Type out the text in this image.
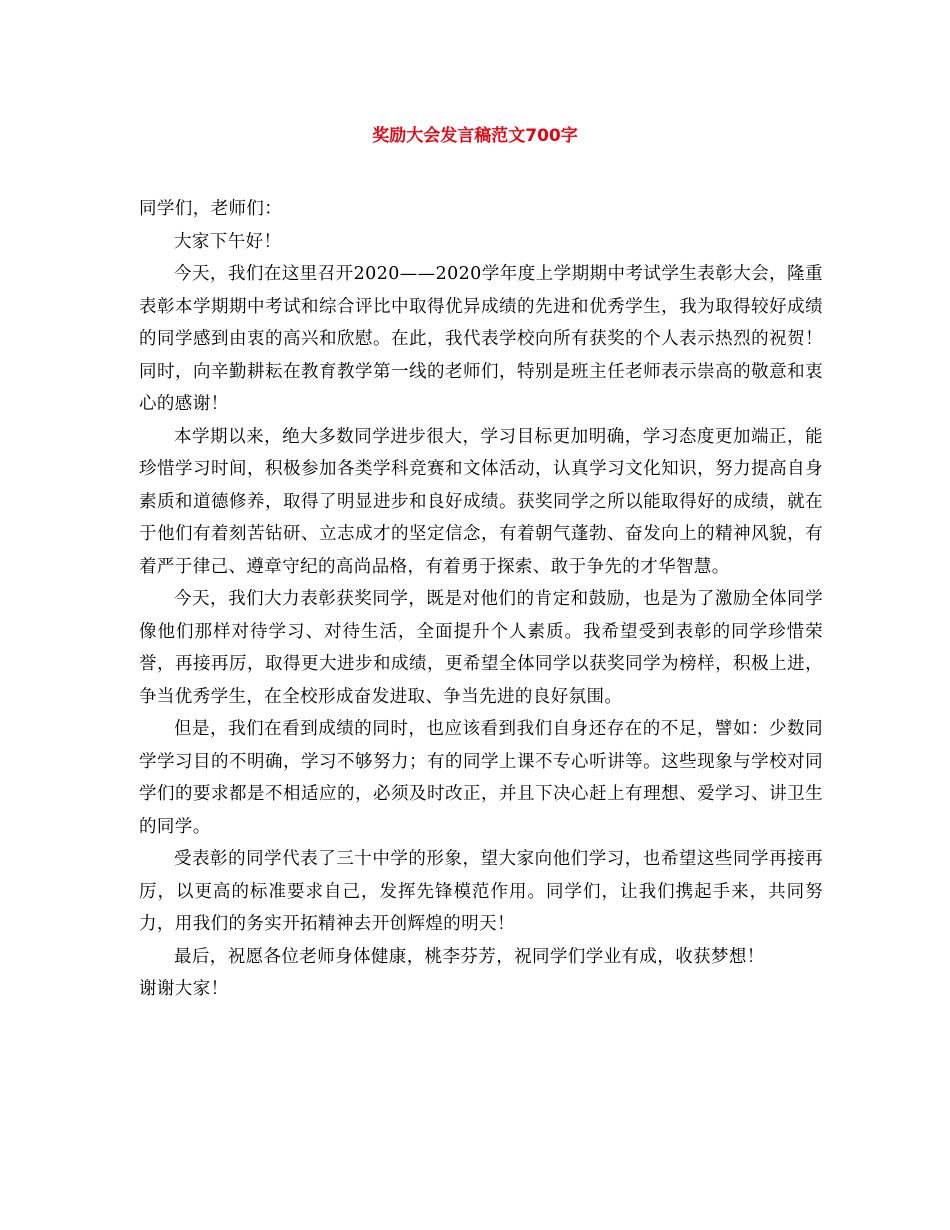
奖励大会发言稿范文700字

同学们，老师们：

大家下午好！

今天，我们在这里召开2020——2020学年度上学期期中考试学生表彰大会，隆重表彰本学期期中考试和综合评比中取得优异成绩的先进和优秀学生，我为取得较好成绩的同学感到由衷的高兴和欣慰。在此，我代表学校向所有获奖的个人表示热烈的祝贺！同时，向辛勤耕耘在教育教学第一线的老师们，特别是班主任老师表示崇高的敬意和衷心的感谢！

本学期以来，绝大多数同学进步很大，学习目标更加明确，学习态度更加端正，能珍惜学习时间，积极参加各类学科竞赛和文体活动，认真学习文化知识，努力提高自身素质和道德修养，取得了明显进步和良好成绩。获奖同学之所以能取得好的成绩，就在于他们有着刻苦钻研、立志成才的坚定信念，有着朝气蓬勃、奋发向上的精神风貌，有着严于律己、遵章守纪的高尚品格，有着勇于探索、敢于争先的才华智慧。

今天，我们大力表彰获奖同学，既是对他们的肯定和鼓励，也是为了激励全体同学像他们那样对待学习、对待生活，全面提升个人素质。我希望受到表彰的同学珍惜荣誉，再接再厉，取得更大进步和成绩，更希望全体同学以获奖同学为榜样，积极上进，争当优秀学生，在全校形成奋发进取、争当先进的良好氛围。

但是，我们在看到成绩的同时，也应该看到我们自身还存在的不足，譬如：少数同学学习目的不明确，学习不够努力；有的同学上课不专心听讲等。这些现象与学校对同学们的要求都是不相适应的，必须及时改正，并且下决心赶上有理想、爱学习、讲卫生的同学。

受表彰的同学代表了三十中学的形象，望大家向他们学习，也希望这些同学再接再厉，以更高的标准要求自己，发挥先锋模范作用。同学们，让我们携起手来，共同努力，用我们的务实开拓精神去开创辉煌的明天！

最后，祝愿各位老师身体健康，桃李芬芳，祝同学们学业有成，收获梦想！

谢谢大家！
